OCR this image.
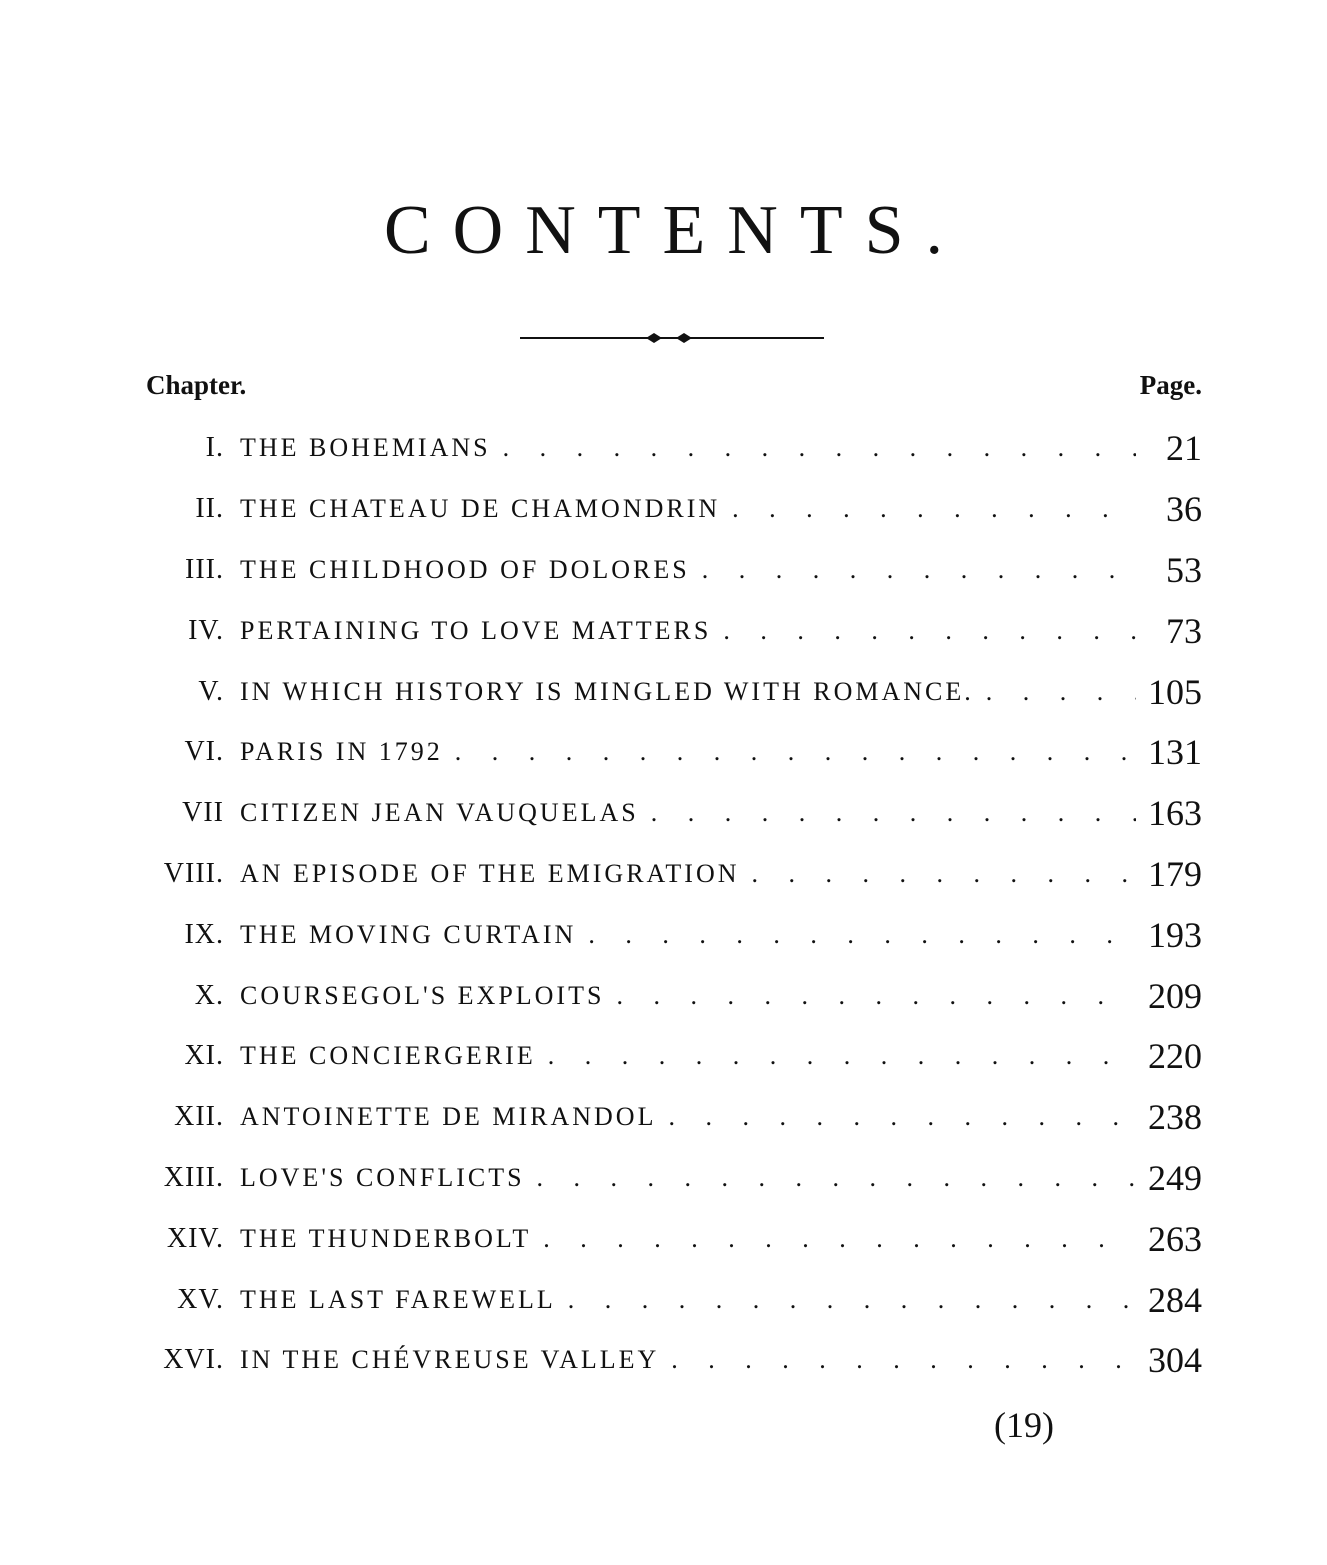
CONTENTS.
Chapter.	Page.
I. THE BOHEMIANS . . .	21
II. THE CHATEAU DE CHAMONDRIN . . .	36
III. THE CHILDHOOD OF DOLORES . . .	53
IV. PERTAINING TO LOVE MATTERS . . .	73
V. IN WHICH HISTORY IS MINGLED WITH ROMANCE. . . .	105
VI. PARIS IN 1792 . . .	131
VII CITIZEN JEAN VAUQUELAS . . .	163
VIII. AN EPISODE OF THE EMIGRATION . . .	179
IX. THE MOVING CURTAIN . . .	193
X. COURSEGOL'S EXPLOITS . . .	209
XI. THE CONCIERGERIE . . .	220
XII. ANTOINETTE DE MIRANDOL . . .	238
XIII. LOVE'S CONFLICTS . . .	249
XIV. THE THUNDERBOLT . . .	263
XV. THE LAST FAREWELL . . .	284
XVI. IN THE CHÉVREUSE VALLEY . . .	304
(19)
